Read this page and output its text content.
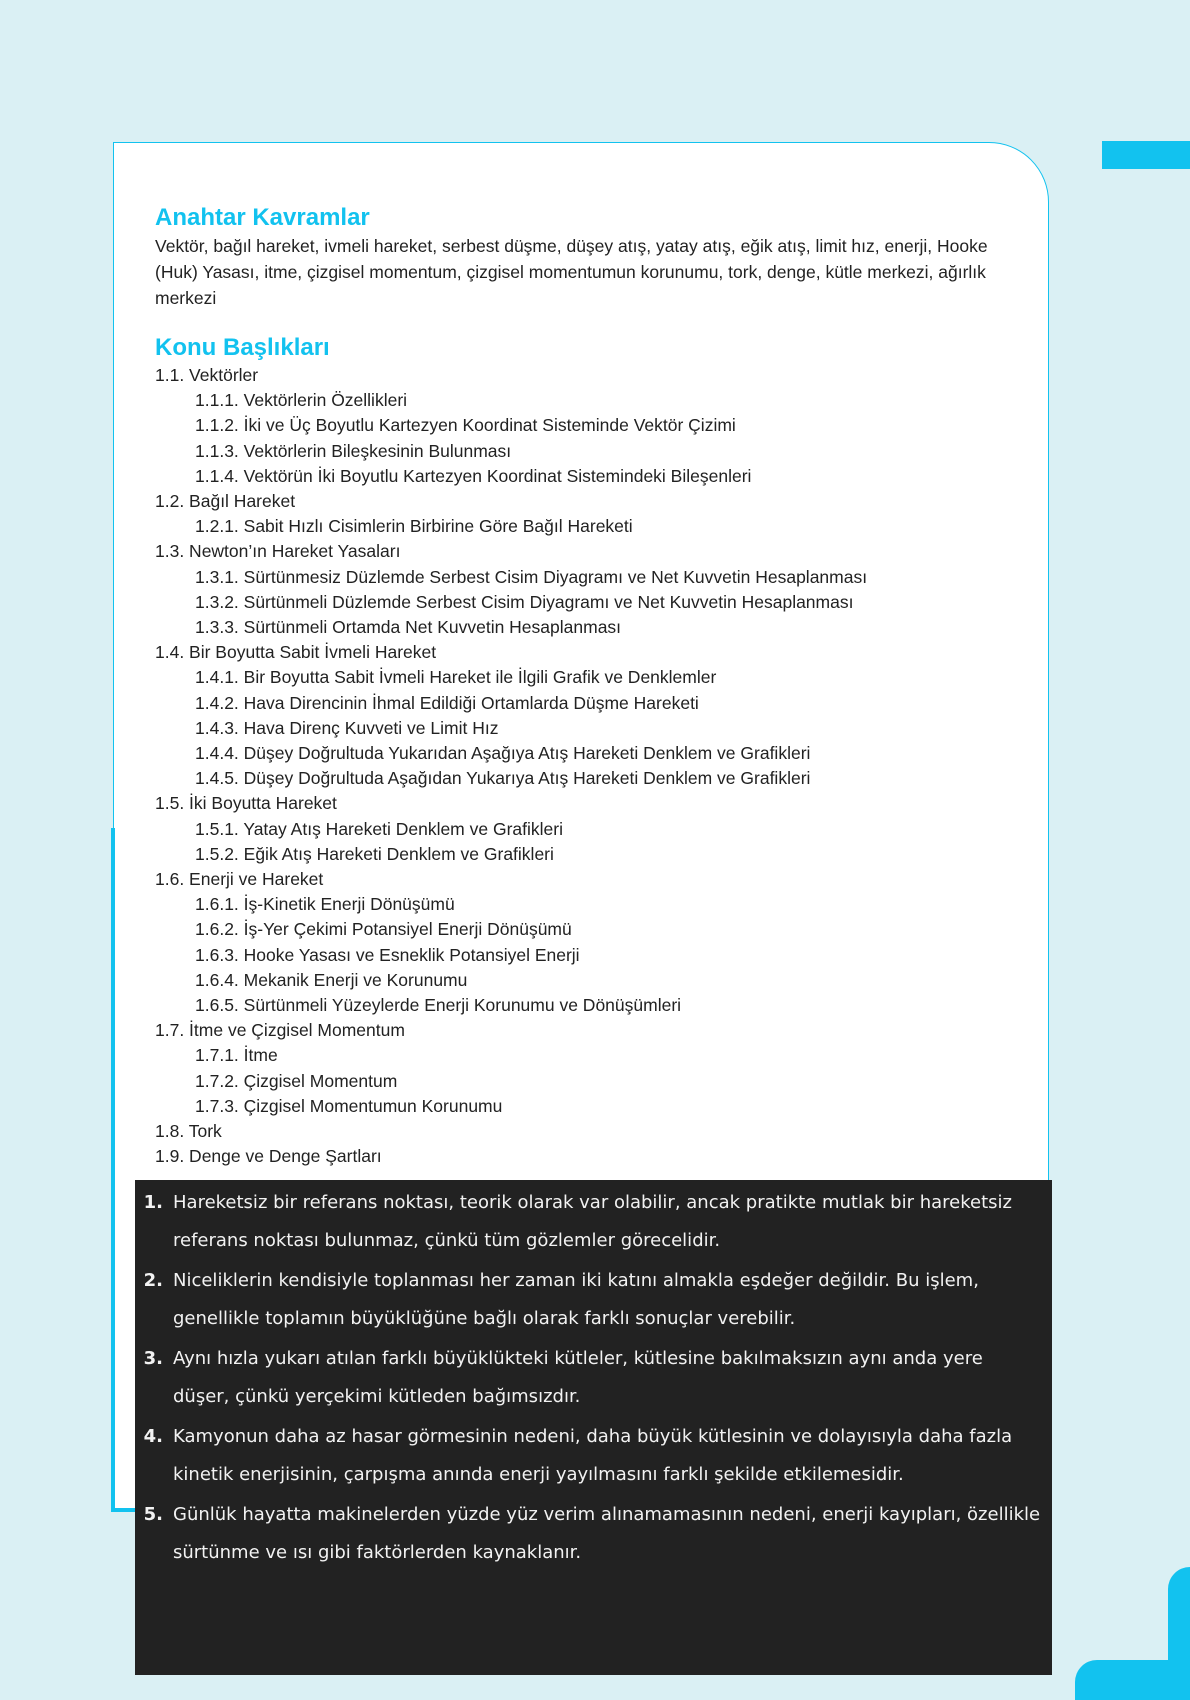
Anahtar Kavramlar

Vektör, bağıl hareket, ivmeli hareket, serbest düşme, düşey atış, yatay atış, eğik atış, limit hız, enerji, Hooke (Huk) Yasası, itme, çizgisel momentum, çizgisel momentumun korunumu, tork, denge, kütle merkezi, ağırlık merkezi

Konu Başlıkları
1.1. Vektörler
1.1.1. Vektörlerin Özellikleri
1.1.2. İki ve Üç Boyutlu Kartezyen Koordinat Sisteminde Vektör Çizimi
1.1.3. Vektörlerin Bileşkesinin Bulunması
1.1.4. Vektörün İki Boyutlu Kartezyen Koordinat Sistemindeki Bileşenleri
1.2. Bağıl Hareket
1.2.1. Sabit Hızlı Cisimlerin Birbirine Göre Bağıl Hareketi
1.3. Newton’ın Hareket Yasaları
1.3.1. Sürtünmesiz Düzlemde Serbest Cisim Diyagramı ve Net Kuvvetin Hesaplanması
1.3.2. Sürtünmeli Düzlemde Serbest Cisim Diyagramı ve Net Kuvvetin Hesaplanması
1.3.3. Sürtünmeli Ortamda Net Kuvvetin Hesaplanması
1.4. Bir Boyutta Sabit İvmeli Hareket
1.4.1. Bir Boyutta Sabit İvmeli Hareket ile İlgili Grafik ve Denklemler
1.4.2. Hava Direncinin İhmal Edildiği Ortamlarda Düşme Hareketi
1.4.3. Hava Direnç Kuvveti ve Limit Hız
1.4.4. Düşey Doğrultuda Yukarıdan Aşağıya Atış Hareketi Denklem ve Grafikleri
1.4.5. Düşey Doğrultuda Aşağıdan Yukarıya Atış Hareketi Denklem ve Grafikleri
1.5. İki Boyutta Hareket
1.5.1. Yatay Atış Hareketi Denklem ve Grafikleri
1.5.2. Eğik Atış Hareketi Denklem ve Grafikleri
1.6. Enerji ve Hareket
1.6.1. İş-Kinetik Enerji Dönüşümü
1.6.2. İş-Yer Çekimi Potansiyel Enerji Dönüşümü
1.6.3. Hooke Yasası ve Esneklik Potansiyel Enerji
1.6.4. Mekanik Enerji ve Korunumu
1.6.5. Sürtünmeli Yüzeylerde Enerji Korunumu ve Dönüşümleri
1.7. İtme ve Çizgisel Momentum
1.7.1. İtme
1.7.2. Çizgisel Momentum
1.7.3. Çizgisel Momentumun Korunumu
1.8. Tork
1.9. Denge ve Denge Şartları
1. Hareketsiz bir referans noktası, teorik olarak var olabilir, ancak pratikte mutlak bir hareketsiz referans noktası bulunmaz, çünkü tüm gözlemler görecelidir.
2. Niceliklerin kendisiyle toplanması her zaman iki katını almakla eşdeğer değildir. Bu işlem, genellikle toplamın büyüklüğüne bağlı olarak farklı sonuçlar verebilir.
3. Aynı hızla yukarı atılan farklı büyüklükteki kütleler, kütlesine bakılmaksızın aynı anda yere düşer, çünkü yerçekimi kütleden bağımsızdır.
4. Kamyonun daha az hasar görmesinin nedeni, daha büyük kütlesinin ve dolayısıyla daha fazla kinetik enerjisinin, çarpışma anında enerji yayılmasını farklı şekilde etkilemesidir.
5. Günlük hayatta makinelerden yüzde yüz verim alınamamasının nedeni, enerji kayıpları, özellikle sürtünme ve ısı gibi faktörlerden kaynaklanır.
